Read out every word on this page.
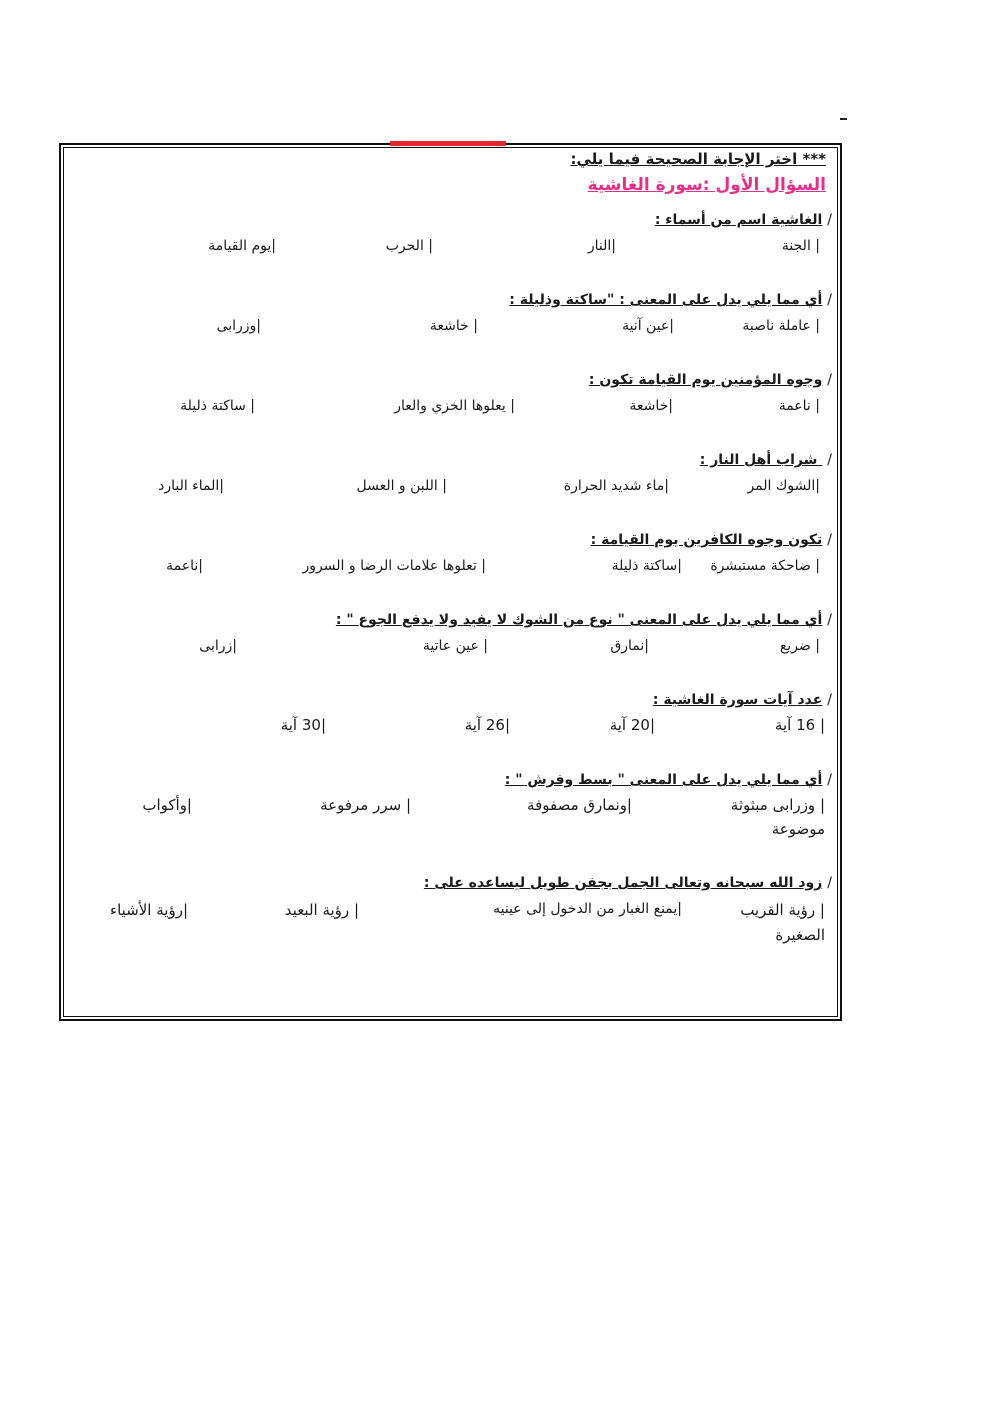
*** اختر الإجابة الصحيحة فيما يلي:
السؤال الأول :سورة الغاشية
/الغاشية اسم من أسماء :
| الجنة
|النار
| الحرب
|يوم القيامة
/أي مما يلي يدل على المعنى : "ساكتة وذليلة :
| عاملة ناصبة
|عين آنية
| خاشعة
|وزرابى
/وجوه المؤمنين يوم القيامة تكون :
| ناعمة
|خاشعة
| يعلوها الخزي والعار
| ساكتة ذليلة
/ شراب أهل النار :
|الشوك المر
|ماء شديد الحرارة
| اللبن و العسل
|الماء البارد
/تكون وجوه الكافرين يوم القيامة :
| ضاحكة مستبشرة
|ساكتة ذليلة
| تعلوها علامات الرضا و السرور
|ناعمة
/أي مما يلي يدل على المعنى " نوع من الشوك لا يفيد ولا يدفع الجوع " :
| ضريع
|نمارق
| عين عاتية
|زرابى
/عدد آيات سورة الغاشية :
| 16 آية
|20 آية
|26 آية
|30 آية
/أي مما يلي يدل على المعنى " بسط وفرش " :
| وزرابى مبثوثة
|ونمارق مصفوفة
| سرر مرفوعة
|وأكواب
موضوعة
/زود الله سبحانه وتعالى الجمل بجفن طويل ليساعده على :
| رؤية القريب
|يمنع الغبار من الدخول إلى عينيه
| رؤية البعيد
|رؤية الأشياء
الصغيرة
